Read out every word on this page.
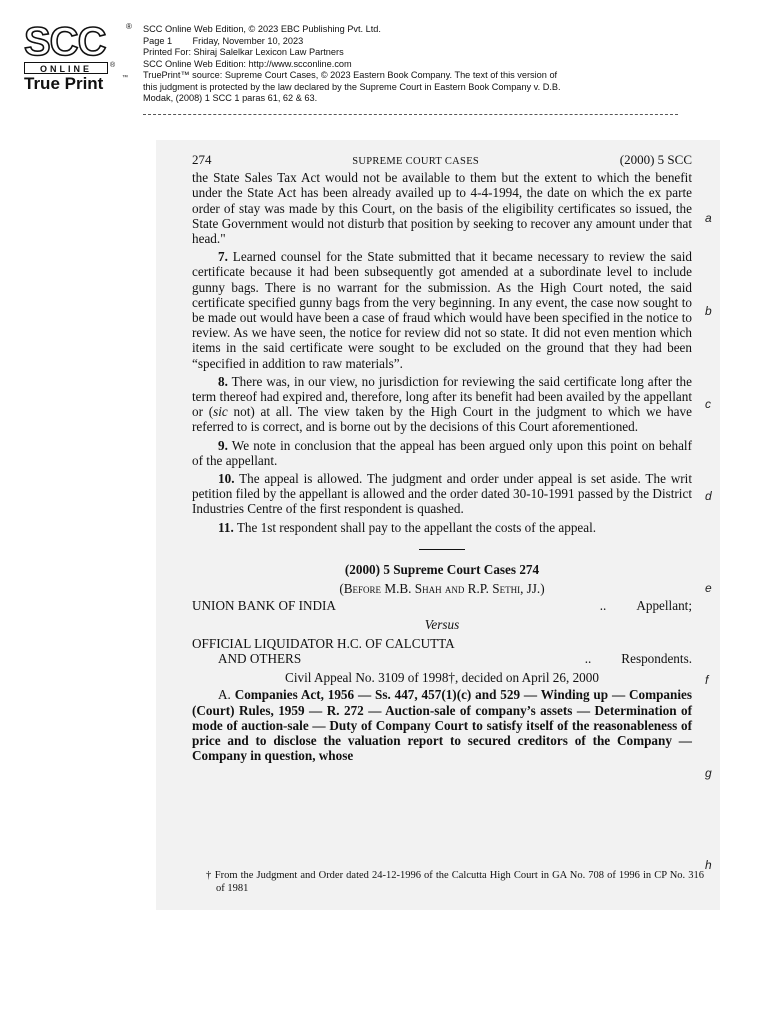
SCC	®
ONLINE	®
True Print	™
SCC Online Web Edition, © 2023 EBC Publishing Pvt. Ltd.
Page 1        Friday, November 10, 2023
Printed For: Shiraj Salelkar Lexicon Law Partners
SCC Online Web Edition: http://www.scconline.com
TruePrint™ source: Supreme Court Cases, © 2023 Eastern Book Company. The text of this version of
this judgment is protected by the law declared by the Supreme Court in Eastern Book Company v. D.B.
Modak, (2008) 1 SCC 1 paras 61, 62 & 63.
274	SUPREME COURT CASES	(2000) 5 SCC

the State Sales Tax Act would not be available to them but the extent to which the benefit under the State Act has been already availed up to 4-4-1994, the date on which the ex parte order of stay was made by this Court, on the basis of the eligibility certificates so issued, the State Government would not disturb that position by seeking to recover any amount under that head."

7. Learned counsel for the State submitted that it became necessary to review the said certificate because it had been subsequently got amended at a subordinate level to include gunny bags. There is no warrant for the submission. As the High Court noted, the said certificate specified gunny bags from the very beginning. In any event, the case now sought to be made out would have been a case of fraud which would have been specified in the notice to review. As we have seen, the notice for review did not so state. It did not even mention which items in the said certificate were sought to be excluded on the ground that they had been “specified in addition to raw materials”.

8. There was, in our view, no jurisdiction for reviewing the said certificate long after the term thereof had expired and, therefore, long after its benefit had been availed by the appellant or (sic not) at all. The view taken by the High Court in the judgment to which we have referred to is correct, and is borne out by the decisions of this Court aforementioned.

9. We note in conclusion that the appeal has been argued only upon this point on behalf of the appellant.

10. The appeal is allowed. The judgment and order under appeal is set aside. The writ petition filed by the appellant is allowed and the order dated 30-10-1991 passed by the District Industries Centre of the first respondent is quashed.

11. The 1st respondent shall pay to the appellant the costs of the appeal.

(2000) 5 Supreme Court Cases 274
(Before M.B. Shah and R.P. Sethi, JJ.)
UNION BANK OF INDIA	.. Appellant;
Versus
OFFICIAL LIQUIDATOR H.C. OF CALCUTTA
AND OTHERS	.. Respondents.
Civil Appeal No. 3109 of 1998†, decided on April 26, 2000

A. Companies Act, 1956 — Ss. 447, 457(1)(c) and 529 — Winding up — Companies (Court) Rules, 1959 — R. 272 — Auction-sale of company’s assets — Determination of mode of auction-sale — Duty of Company Court to satisfy itself of the reasonableness of price and to disclose the valuation report to secured creditors of the Company — Company in question, whose

† From the Judgment and Order dated 24-12-1996 of the Calcutta High Court in GA No. 708 of 1996 in CP No. 316 of 1981
a
b
c
d
e
f
g
h
